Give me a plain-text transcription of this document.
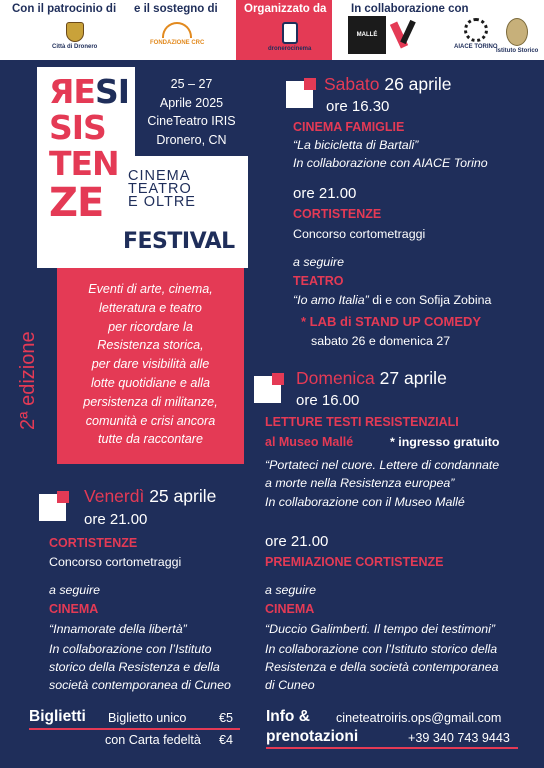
Con il patrocinio di e il sostegno di Organizzato da
dronerocinema
In collaborazione con
Città di Dronero
FONDAZIONE CRC
MALLÉ
AIACE TORINO
Istituto Storico
ЯESI
SIS
TEN
ZE
25 – 27
Aprile 2025
CineTeatro IRIS
Dronero, CN
CINEMA
TEATRO
E OLTRE
FESTIVAL
Eventi di arte, cinema,
letteratura e teatro
per ricordare la
Resistenza storica,
per dare visibilità alle
lotte quotidiane e alla
persistenza di militanze,
comunità e crisi ancora
tutte da raccontare
2ª edizione
Sabato 26 aprile
ore 16.30
CINEMA FAMIGLIE
“La bicicletta di Bartali”
In collaborazione con AIACE Torino
ore 21.00
CORTISTENZE
Concorso cortometraggi
a seguire
TEATRO
“Io amo Italia” di e con Sofija Zobina
* LAB di STAND UP COMEDY
sabato 26 e domenica 27
Domenica 27 aprile
ore 16.00
LETTURE TESTI RESISTENZIALI
al Museo Mallé	* ingresso gratuito
“Portateci nel cuore. Lettere di condannate
a morte nella Resistenza europea”
In collaborazione con il Museo Mallé
ore 21.00
PREMIAZIONE CORTISTENZE
a seguire
CINEMA
“Duccio Galimberti. Il tempo dei testimoni”
In collaborazione con l’Istituto storico della
Resistenza e della società contemporanea
di Cuneo
Venerdì 25 aprile
ore 21.00
CORTISTENZE
Concorso cortometraggi
a seguire
CINEMA
“Innamorate della libertà”
In collaborazione con l’Istituto
storico della Resistenza e della
società contemporanea di Cuneo
Biglietti Biglietto unico	€5
con Carta fedeltà €4
Info &
prenotazioni
cineteatroiris.ops@gmail.com
+39 340 743 9443
